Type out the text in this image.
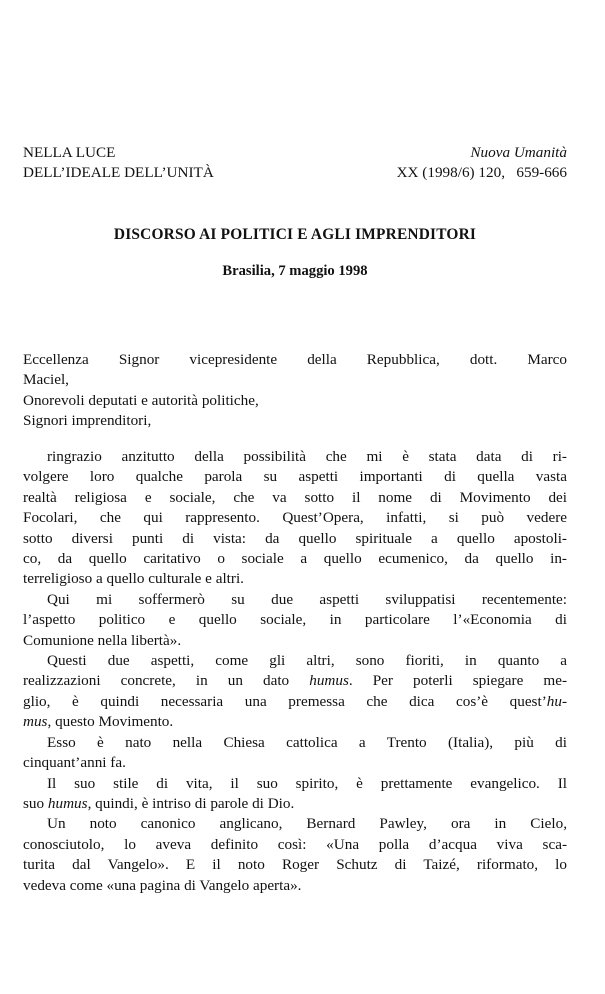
NELLA LUCE
DELL’IDEALE DELL’UNITÀ
Nuova Umanità
XX (1998/6) 120,   659-666
DISCORSO AI POLITICI E AGLI IMPRENDITORI
Brasilia, 7 maggio 1998
Eccellenza Signor vicepresidente della Repubblica, dott. Marco
Maciel,
Onorevoli deputati e autorità politiche,
Signori imprenditori,
ringrazio anzitutto della possibilità che mi è stata data di ri-
volgere loro qualche parola su aspetti importanti di quella vasta
realtà religiosa e sociale, che va sotto il nome di Movimento dei
Focolari, che qui rappresento. Quest’Opera, infatti, si può vedere
sotto diversi punti di vista: da quello spirituale a quello apostoli-
co, da quello caritativo o sociale a quello ecumenico, da quello in-
terreligioso a quello culturale e altri.
Qui mi soffermerò su due aspetti sviluppatisi recentemente:
l’aspetto politico e quello sociale, in particolare l’«Economia di
Comunione nella libertà».
Questi due aspetti, come gli altri, sono fioriti, in quanto a
realizzazioni concrete, in un dato humus. Per poterli spiegare me-
glio, è quindi necessaria una premessa che dica cos’è quest’hu-
mus, questo Movimento.
Esso è nato nella Chiesa cattolica a Trento (Italia), più di
cinquant’anni fa.
Il suo stile di vita, il suo spirito, è prettamente evangelico. Il
suo humus, quindi, è intriso di parole di Dio.
Un noto canonico anglicano, Bernard Pawley, ora in Cielo,
conosciutolo, lo aveva definito così: «Una polla d’acqua viva sca-
turita dal Vangelo». E il noto Roger Schutz di Taizé, riformato, lo
vedeva come «una pagina di Vangelo aperta».
